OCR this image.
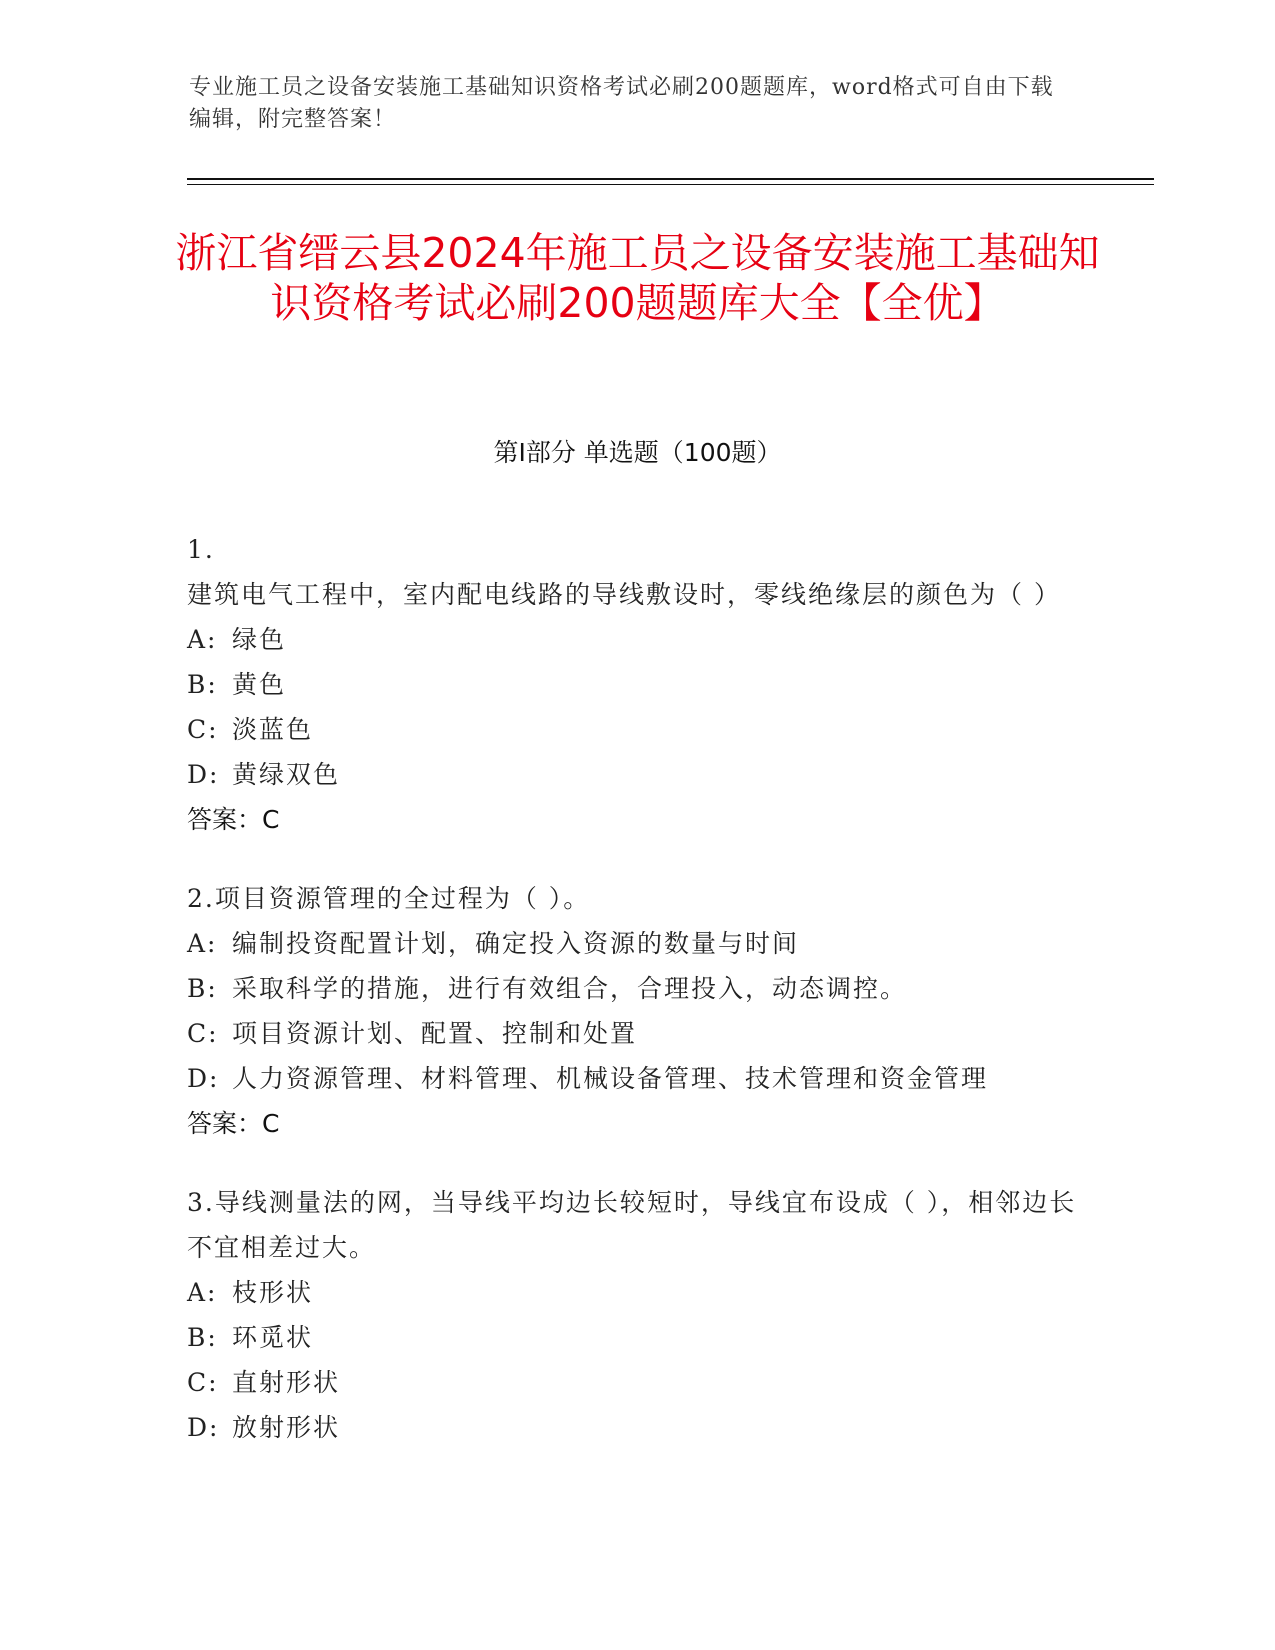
专业施工员之设备安装施工基础知识资格考试必刷200题题库，word格式可自由下载编辑，附完整答案！
浙江省缙云县2024年施工员之设备安装施工基础知识资格考试必刷200题题库大全【全优】
第Ⅰ部分 单选题（100题）
1.建筑电气工程中，室内配电线路的导线敷设时，零线绝缘层的颜色为（ ）
A: 绿色
B: 黄色
C: 淡蓝色
D: 黄绿双色
答案：C
2.项目资源管理的全过程为（ ）。
A: 编制投资配置计划，确定投入资源的数量与时间
B: 采取科学的措施，进行有效组合，合理投入，动态调控。
C: 项目资源计划、配置、控制和处置
D: 人力资源管理、材料管理、机械设备管理、技术管理和资金管理
答案：C
3.导线测量法的网，当导线平均边长较短时，导线宜布设成（ ），相邻边长不宜相差过大。
A: 枝形状
B: 环觅状
C: 直射形状
D: 放射形状
